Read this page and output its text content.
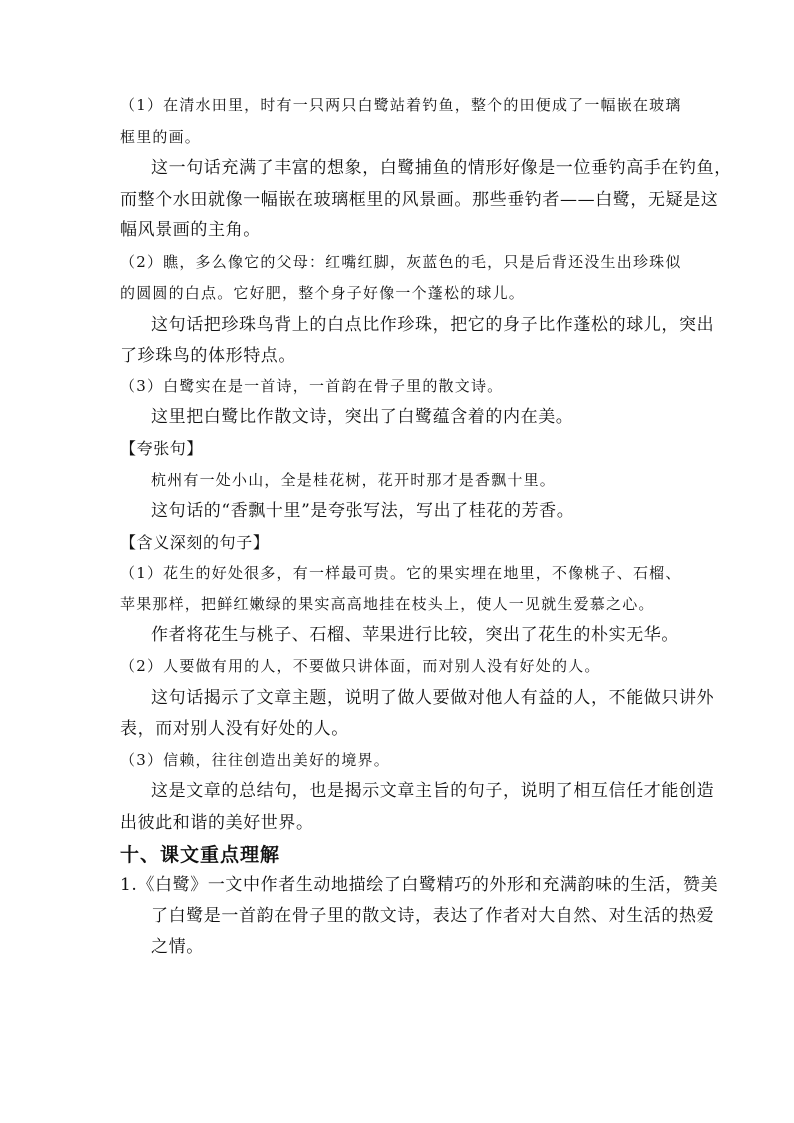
（1）在清水田里，时有一只两只白鹭站着钓鱼，整个的田便成了一幅嵌在玻璃
框里的画。
这一句话充满了丰富的想象，白鹭捕鱼的情形好像是一位垂钓高手在钓鱼，
而整个水田就像一幅嵌在玻璃框里的风景画。那些垂钓者——白鹭，无疑是这
幅风景画的主角。
（2）瞧，多么像它的父母：红嘴红脚，灰蓝色的毛，只是后背还没生出珍珠似
的圆圆的白点。它好肥，整个身子好像一个蓬松的球儿。
这句话把珍珠鸟背上的白点比作珍珠，把它的身子比作蓬松的球儿，突出
了珍珠鸟的体形特点。
（3）白鹭实在是一首诗，一首韵在骨子里的散文诗。
这里把白鹭比作散文诗，突出了白鹭蕴含着的内在美。
【夸张句】
杭州有一处小山，全是桂花树，花开时那才是香飘十里。
这句话的“香飘十里”是夸张写法，写出了桂花的芳香。
【含义深刻的句子】
（1）花生的好处很多，有一样最可贵。它的果实埋在地里，不像桃子、石榴、
苹果那样，把鲜红嫩绿的果实高高地挂在枝头上，使人一见就生爱慕之心。
作者将花生与桃子、石榴、苹果进行比较，突出了花生的朴实无华。
（2）人要做有用的人，不要做只讲体面，而对别人没有好处的人。
这句话揭示了文章主题，说明了做人要做对他人有益的人，不能做只讲外
表，而对别人没有好处的人。
（3）信赖，往往创造出美好的境界。
这是文章的总结句，也是揭示文章主旨的句子，说明了相互信任才能创造
出彼此和谐的美好世界。
十、课文重点理解
1.《白鹭》一文中作者生动地描绘了白鹭精巧的外形和充满韵味的生活，赞美
了白鹭是一首韵在骨子里的散文诗，表达了作者对大自然、对生活的热爱
之情。
